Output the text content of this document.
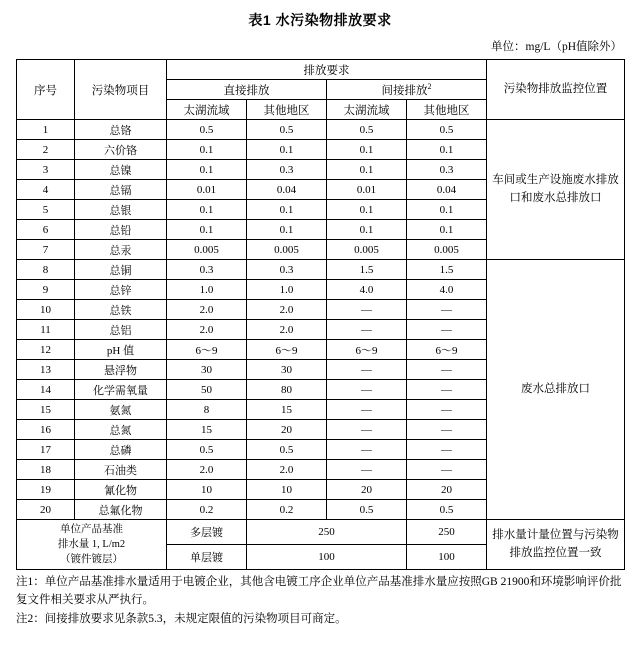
表1 水污染物排放要求
单位：mg/L（pH值除外）
序号	污染物项目	排放要求				污染物排放监控位置
		直接排放		间接排放$^2$
		太湖流域	其他地区	太湖流域	其他地区	
1	总铬	0.5	0.5	0.5	0.5	车间或生产设施废水排放口和废水总排放口
2	六价铬	0.1	0.1	0.1	0.1	
3	总镍	0.1	0.3	0.1	0.3	
4	总镉	0.01	0.04	0.01	0.04	
5	总银	0.1	0.1	0.1	0.1	
6	总铅	0.1	0.1	0.1	0.1	
7	总汞	0.005	0.005	0.005	0.005	
8	总铜	0.3	0.3	1.5	1.5	废水总排放口
9	总锌	1.0	1.0	4.0	4.0	
10	总铁	2.0	2.0	—	—	
11	总铝	2.0	2.0	—	—	
12	pH 值	6～9	6～9	6～9	6～9	
13	悬浮物	30	30	—	—	
14	化学需氧量	50	80	—	—	
15	氨氮	8	15	—	—	
16	总氮	15	20	—	—	
17	总磷	0.5	0.5	—	—	
18	石油类	2.0	2.0	—	—	
19	氰化物	10	10	20	20	
20	总氟化物	0.2	0.2	0.5	0.5	

单位产品基准
排水量 1, L/m2
（镀件镀层）		多层镀	250		250	排水量计量位置与污染物排放监控位置一致
		单层镀	100		100	

注1：单位产品基准排水量适用于电镀企业，其他含电镀工序企业单位产品基准排水量应按照GB 21900和环境影响评价批复文件相关要求从严执行。

注2：间接排放要求见条款5.3，未规定限值的污染物项目可商定。
